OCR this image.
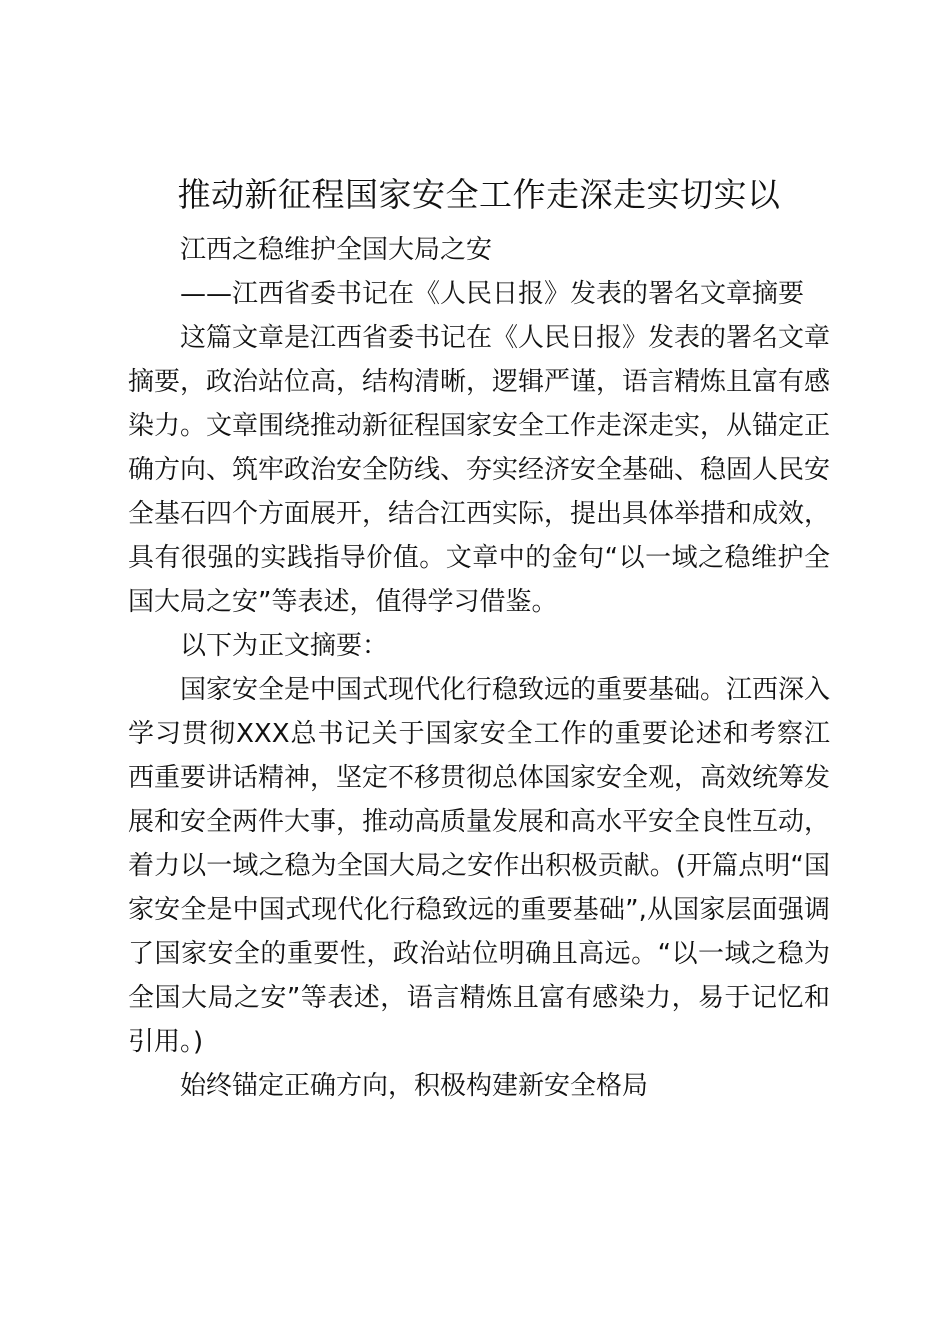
推动新征程国家安全工作走深走实切实以

江西之稳维护全国大局之安

——江西省委书记在《人民日报》发表的署名文章摘要

这篇文章是江西省委书记在《人民日报》发表的署名文章摘要，政治站位高，结构清晰，逻辑严谨，语言精炼且富有感染力。文章围绕推动新征程国家安全工作走深走实，从锚定正确方向、筑牢政治安全防线、夯实经济安全基础、稳固人民安全基石四个方面展开，结合江西实际，提出具体举措和成效，具有很强的实践指导价值。文章中的金句“以一域之稳维护全国大局之安”等表述，值得学习借鉴。

以下为正文摘要：

国家安全是中国式现代化行稳致远的重要基础。江西深入学习贯彻XXX总书记关于国家安全工作的重要论述和考察江西重要讲话精神，坚定不移贯彻总体国家安全观，高效统筹发展和安全两件大事，推动高质量发展和高水平安全良性互动，着力以一域之稳为全国大局之安作出积极贡献。(开篇点明“国家安全是中国式现代化行稳致远的重要基础”,从国家层面强调了国家安全的重要性，政治站位明确且高远。“以一域之稳为全国大局之安”等表述，语言精炼且富有感染力，易于记忆和引用。)

始终锚定正确方向，积极构建新安全格局
